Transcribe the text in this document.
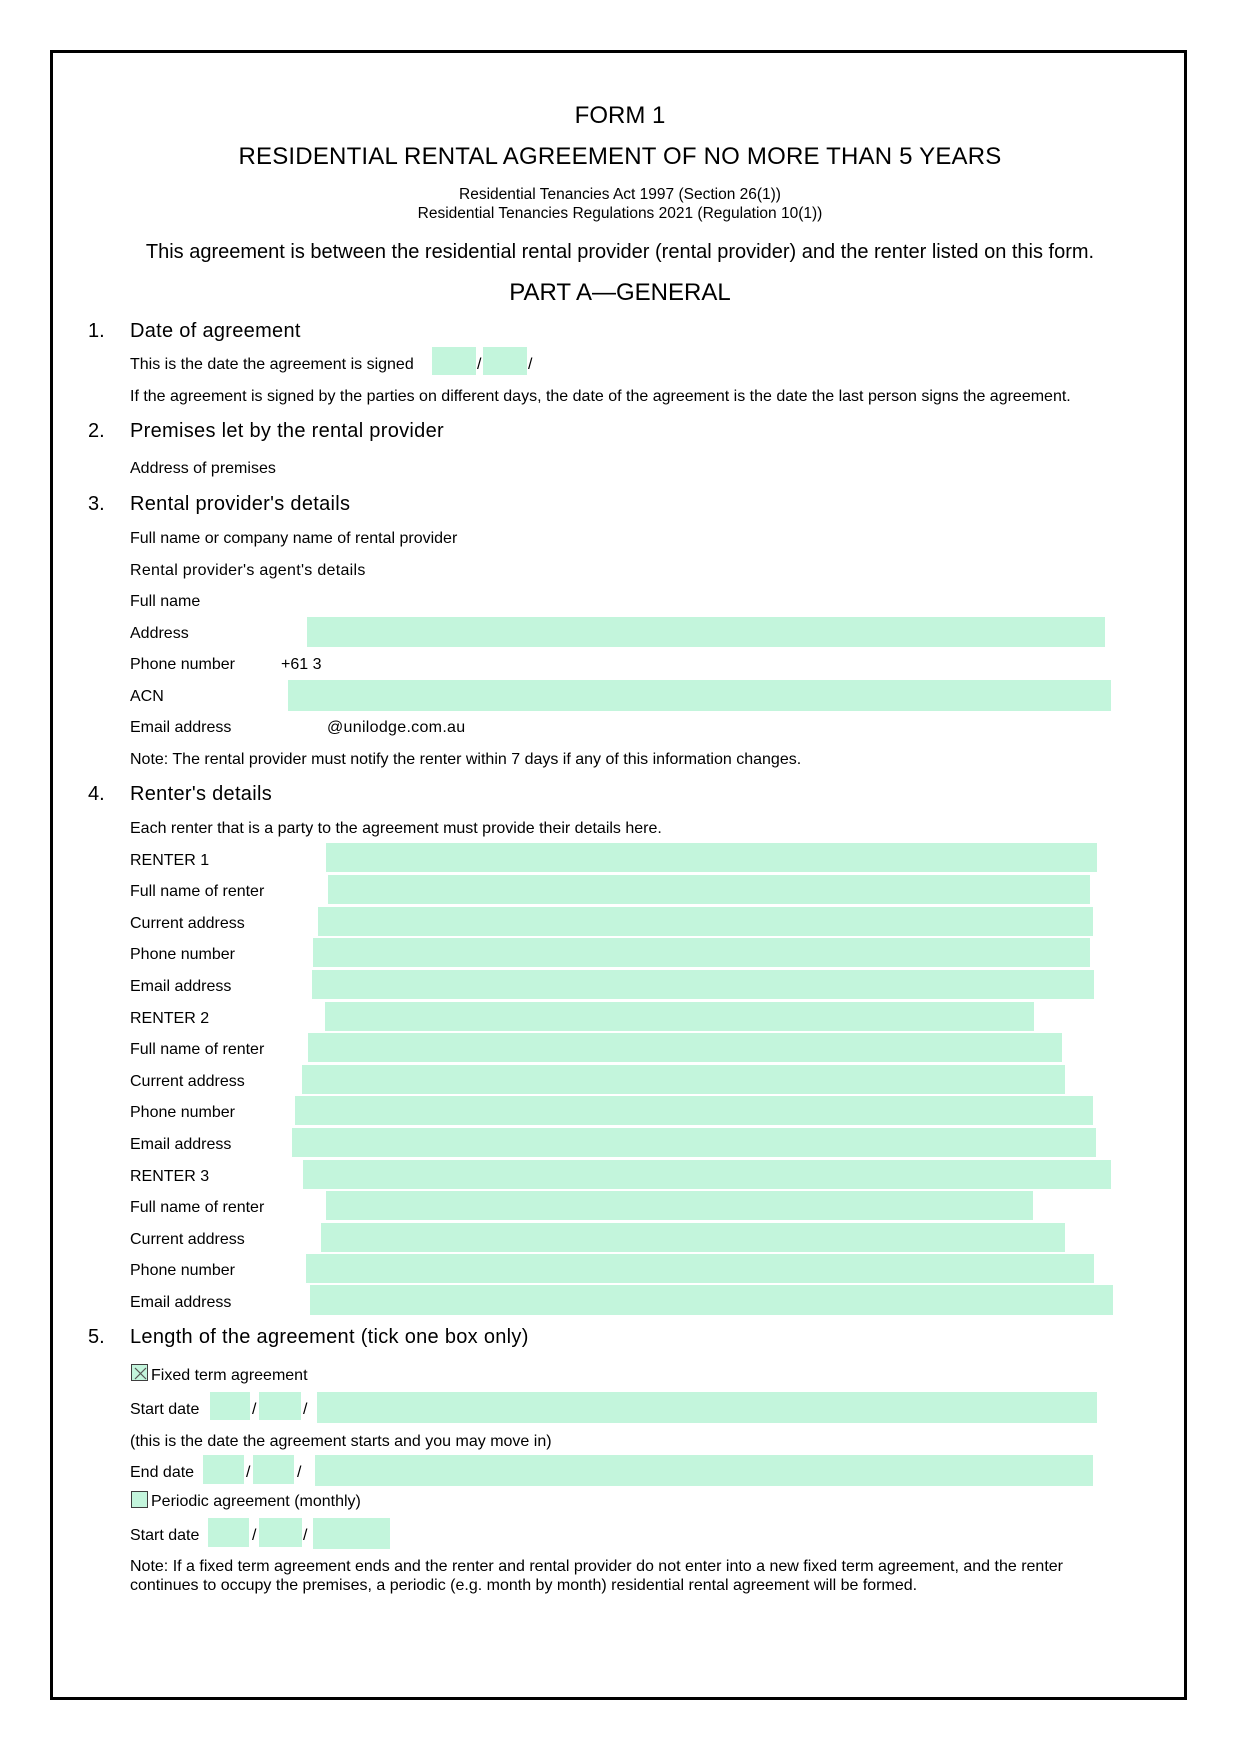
FORM 1
RESIDENTIAL RENTAL AGREEMENT OF NO MORE THAN 5 YEARS
Residential Tenancies Act 1997 (Section 26(1))
Residential Tenancies Regulations 2021 (Regulation 10(1))
This agreement is between the residential rental provider (rental provider) and the renter listed on this form.
PART A—GENERAL
1. Date of agreement
This is the date the agreement is signed	/	/
If the agreement is signed by the parties on different days, the date of the agreement is the date the last person signs the agreement.
2. Premises let by the rental provider
Address of premises
3. Rental provider's details
Full name or company name of rental provider
Rental provider's agent's details
Full name
Address
Phone number	+61 3
ACN
Email address	@unilodge.com.au
Note: The rental provider must notify the renter within 7 days if any of this information changes.
4. Renter's details
Each renter that is a party to the agreement must provide their details here.
RENTER 1
Full name of renter
Current address
Phone number
Email address
RENTER 2
Full name of renter
Current address
Phone number
Email address
RENTER 3
Full name of renter
Current address
Phone number
Email address
5. Length of the agreement (tick one box only)
Fixed term agreement
Start date	/	/
(this is the date the agreement starts and you may move in)
End date	/	/
Periodic agreement (monthly)
Start date	/	/
Note: If a fixed term agreement ends and the renter and rental provider do not enter into a new fixed term agreement, and the renter
continues to occupy the premises, a periodic (e.g. month by month) residential rental agreement will be formed.
